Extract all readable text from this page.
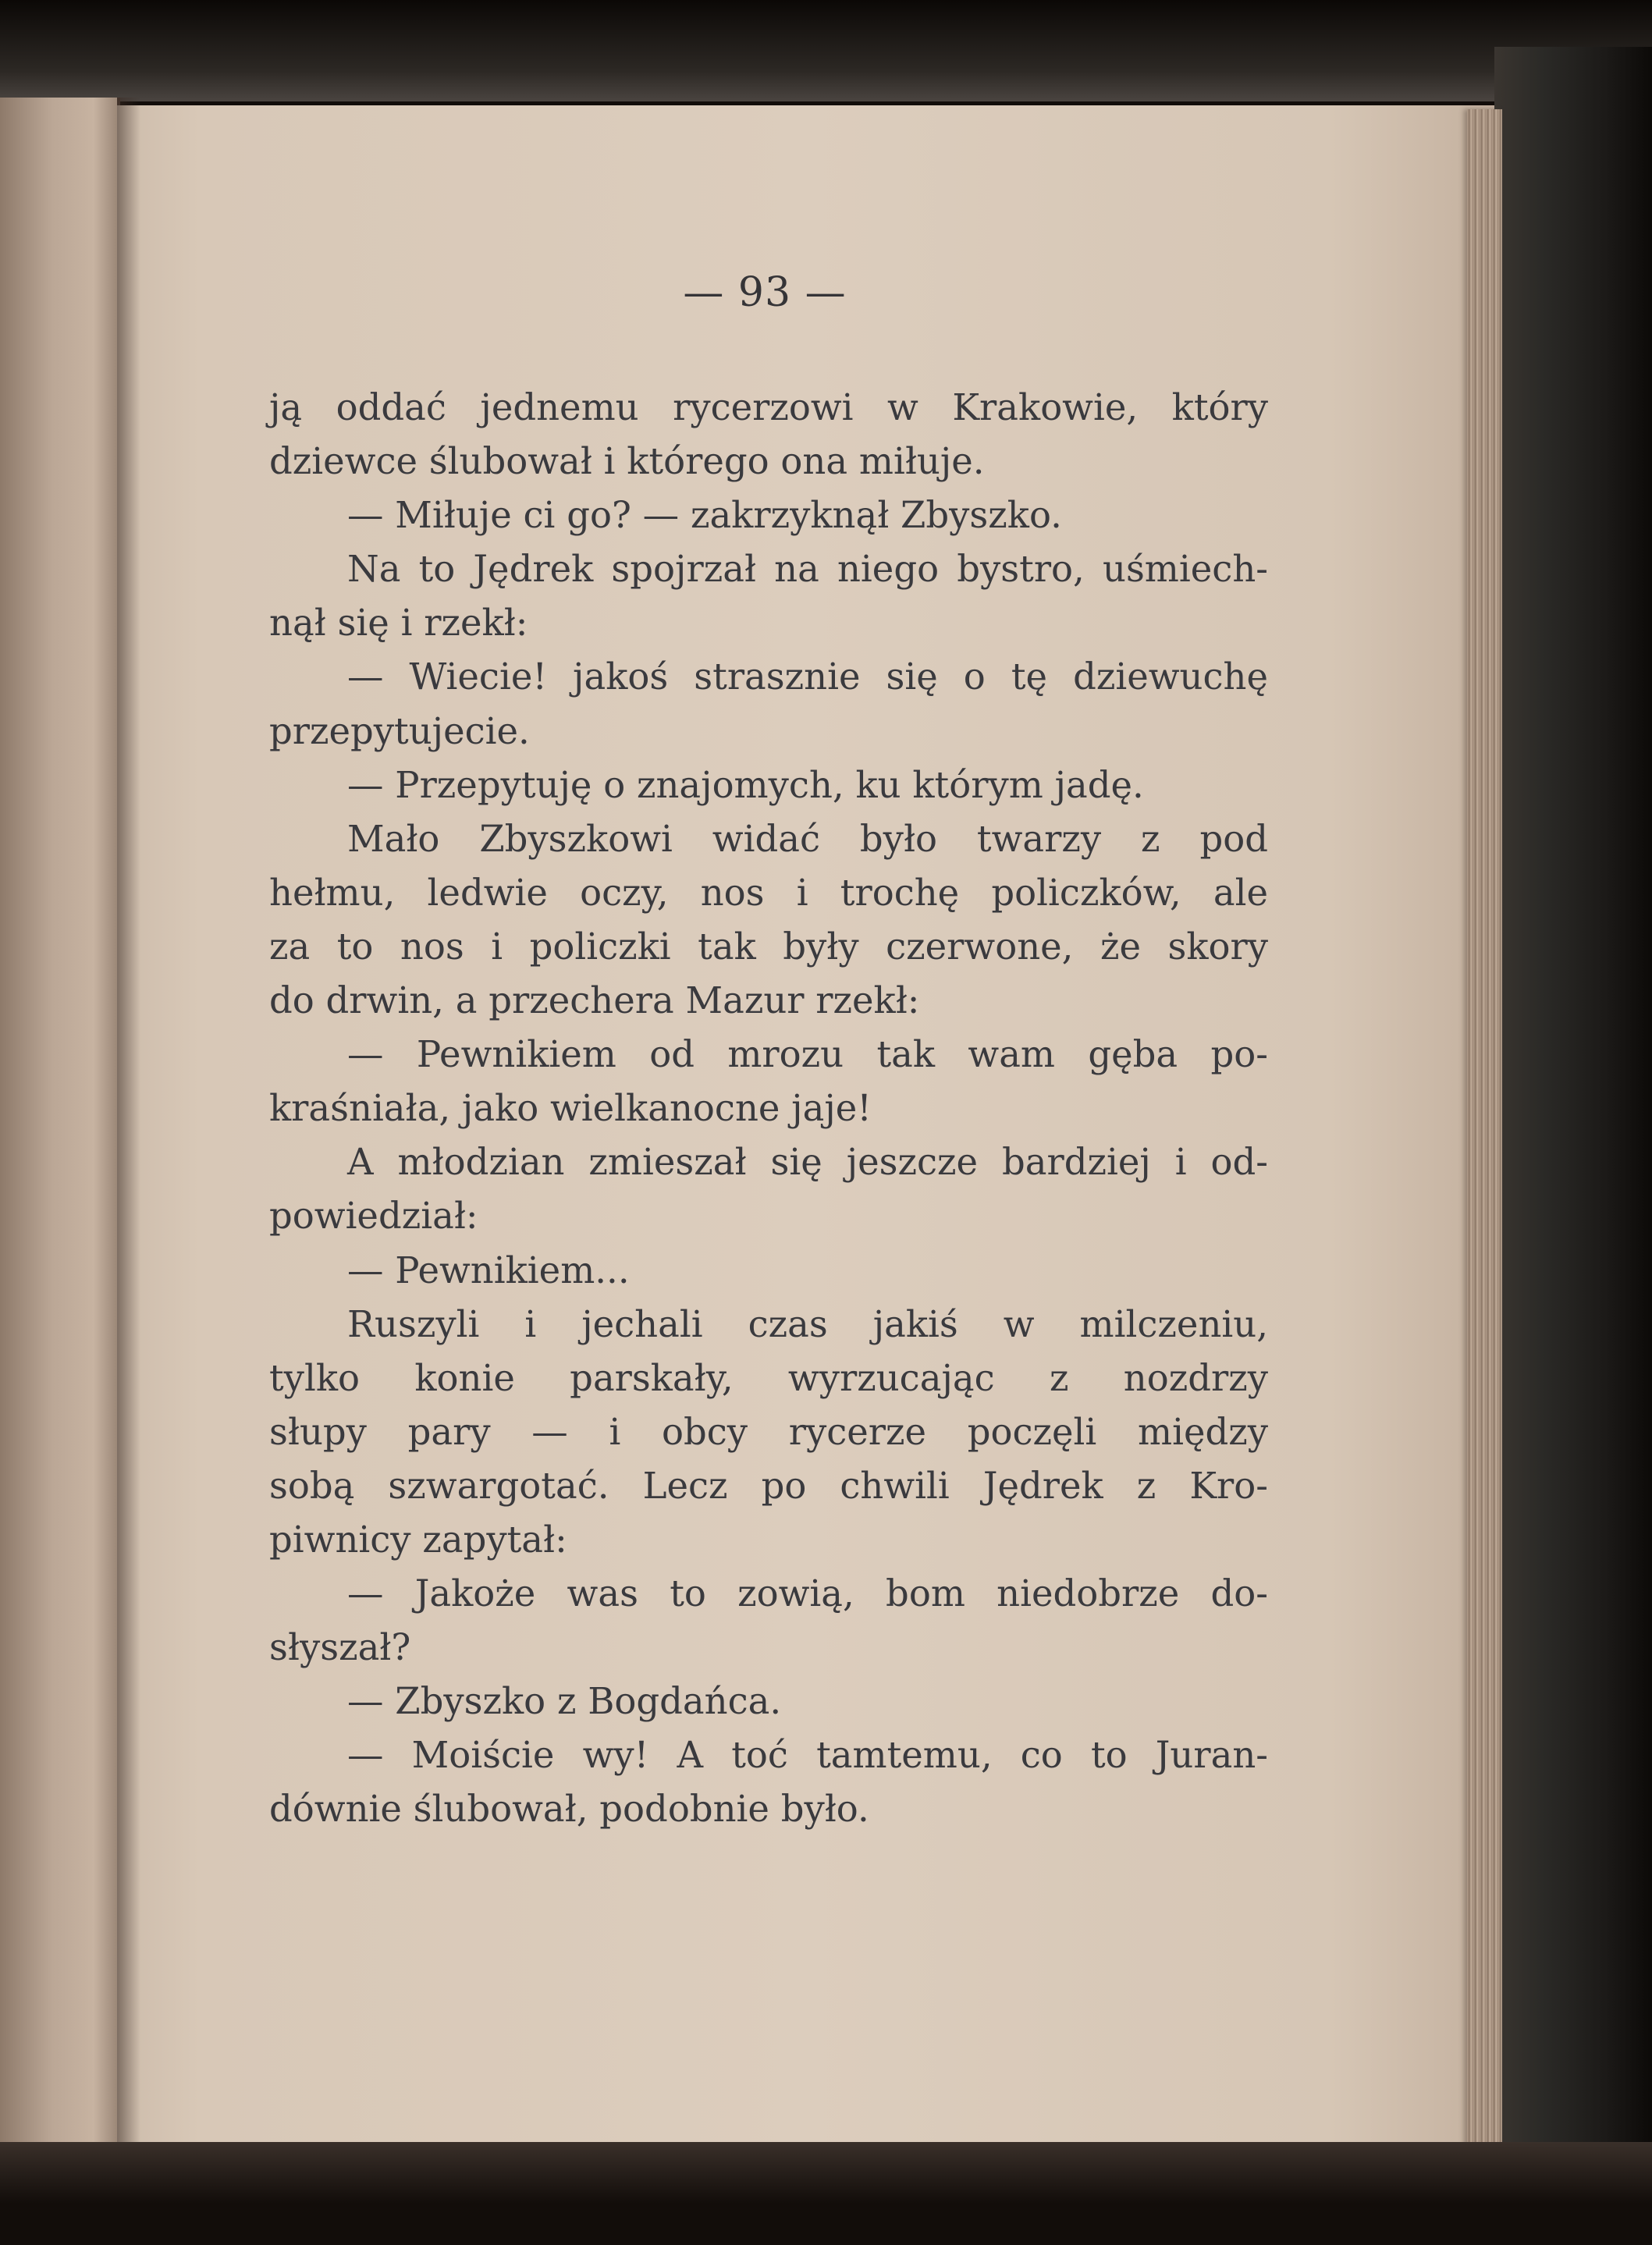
— 93 —
ją oddać jednemu rycerzowi w Krakowie, który
dziewce ślubował i którego ona miłuje.
— Miłuje ci go? — zakrzyknął Zbyszko.
Na to Jędrek spojrzał na niego bystro, uśmiech-
nął się i rzekł:
— Wiecie! jakoś strasznie się o tę dziewuchę
przepytujecie.
— Przepytuję o znajomych, ku którym jadę.
Mało Zbyszkowi widać było twarzy z pod
hełmu, ledwie oczy, nos i trochę policzków, ale
za to nos i policzki tak były czerwone, że skory
do drwin, a przechera Mazur rzekł:
— Pewnikiem od mrozu tak wam gęba po-
kraśniała, jako wielkanocne jaje!
A młodzian zmieszał się jeszcze bardziej i od-
powiedział:
— Pewnikiem...
Ruszyli i jechali czas jakiś w milczeniu,
tylko konie parskały, wyrzucając z nozdrzy
słupy pary — i obcy rycerze poczęli między
sobą szwargotać. Lecz po chwili Jędrek z Kro-
piwnicy zapytał:
— Jakoże was to zowią, bom niedobrze do-
słyszał?
— Zbyszko z Bogdańca.
— Moiście wy! A toć tamtemu, co to Juran-
dównie ślubował, podobnie było.
